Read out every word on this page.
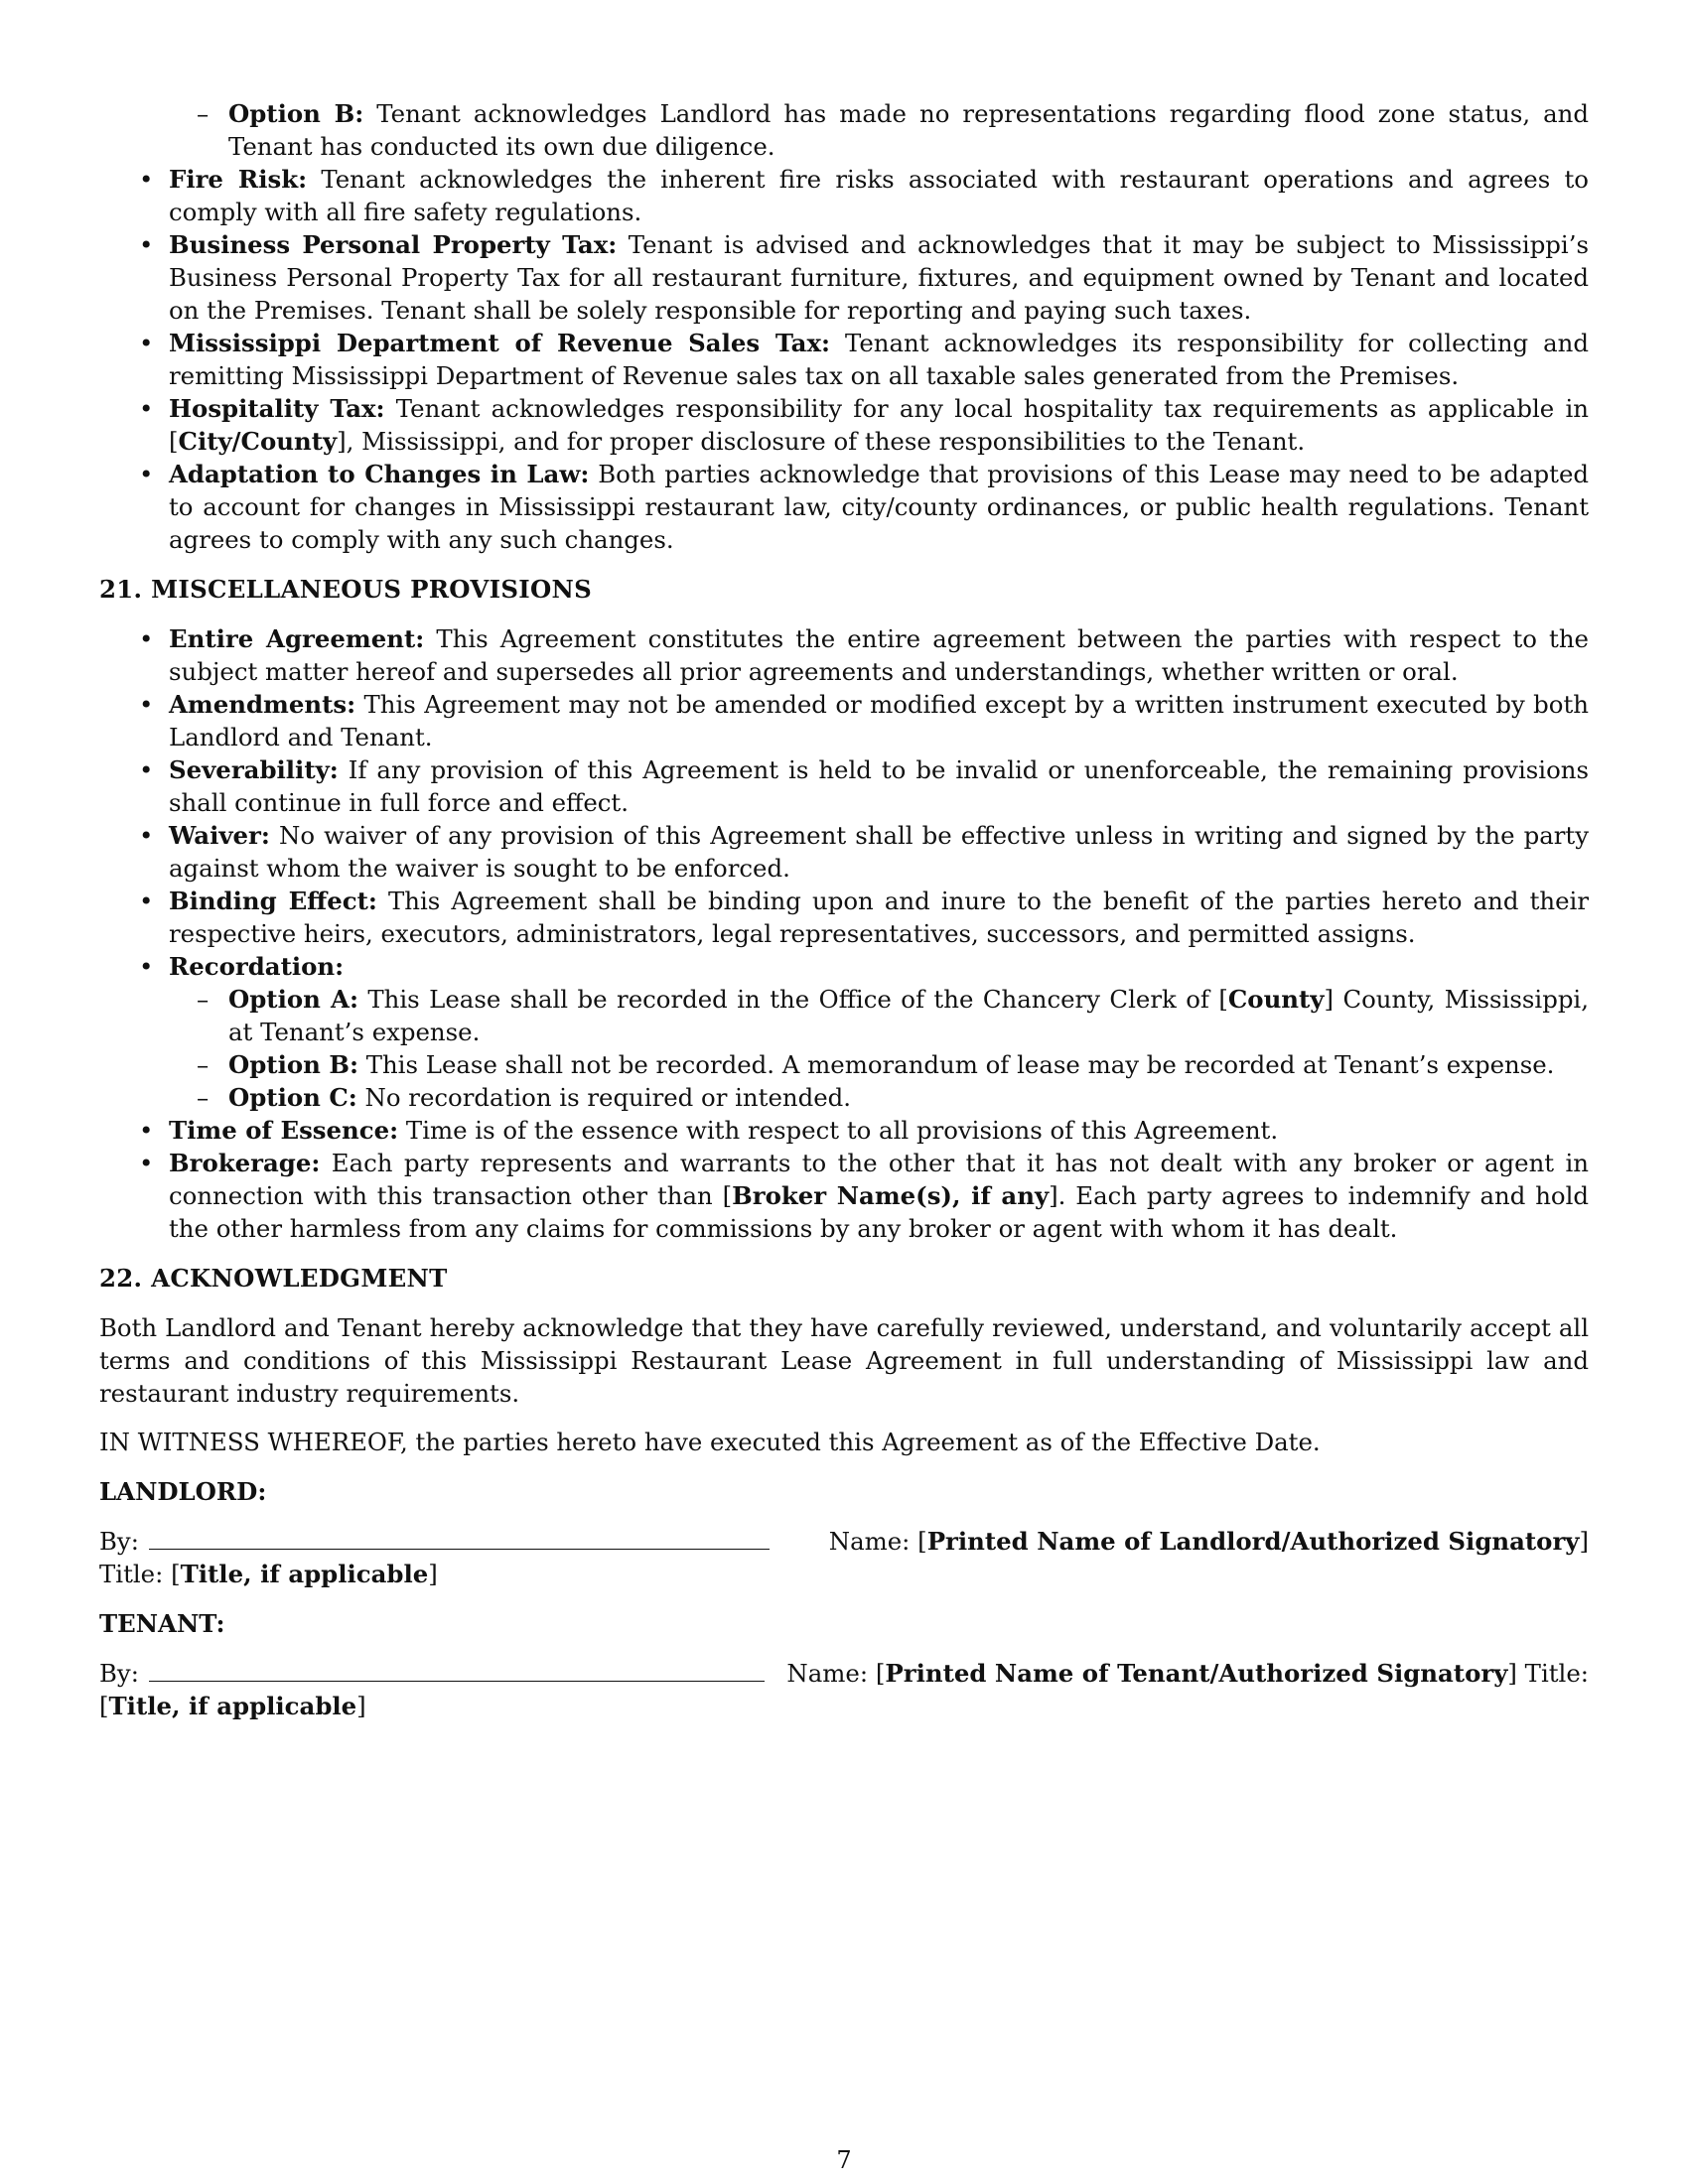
– Option B: Tenant acknowledges Landlord has made no representations regarding flood zone status, and Tenant has conducted its own due diligence.
• Fire Risk: Tenant acknowledges the inherent fire risks associated with restaurant operations and agrees to comply with all fire safety regulations.
• Business Personal Property Tax: Tenant is advised and acknowledges that it may be subject to Mississippi’s Business Personal Property Tax for all restaurant furniture, fixtures, and equipment owned by Tenant and located on the Premises. Tenant shall be solely responsible for reporting and paying such taxes.
• Mississippi Department of Revenue Sales Tax: Tenant acknowledges its responsibility for collecting and remitting Mississippi Department of Revenue sales tax on all taxable sales generated from the Premises.
• Hospitality Tax: Tenant acknowledges responsibility for any local hospitality tax requirements as applicable in [City/County], Mississippi, and for proper disclosure of these responsibilities to the Tenant.
• Adaptation to Changes in Law: Both parties acknowledge that provisions of this Lease may need to be adapted to account for changes in Mississippi restaurant law, city/county ordinances, or public health regulations. Tenant agrees to comply with any such changes.
21. MISCELLANEOUS PROVISIONS
• Entire Agreement: This Agreement constitutes the entire agreement between the parties with respect to the subject matter hereof and supersedes all prior agreements and understandings, whether written or oral.
• Amendments: This Agreement may not be amended or modified except by a written instrument executed by both Landlord and Tenant.
• Severability: If any provision of this Agreement is held to be invalid or unenforceable, the remaining provisions shall continue in full force and effect.
• Waiver: No waiver of any provision of this Agreement shall be effective unless in writing and signed by the party against whom the waiver is sought to be enforced.
• Binding Effect: This Agreement shall be binding upon and inure to the benefit of the parties hereto and their respective heirs, executors, administrators, legal representatives, successors, and permitted assigns.
• Recordation:
– Option A: This Lease shall be recorded in the Office of the Chancery Clerk of [County] County, Mississippi, at Tenant’s expense.
– Option B: This Lease shall not be recorded. A memorandum of lease may be recorded at Tenant’s expense.
– Option C: No recordation is required or intended.
• Time of Essence: Time is of the essence with respect to all provisions of this Agreement.
• Brokerage: Each party represents and warrants to the other that it has not dealt with any broker or agent in connection with this transaction other than [Broker Name(s), if any]. Each party agrees to indemnify and hold the other harmless from any claims for commissions by any broker or agent with whom it has dealt.
22. ACKNOWLEDGMENT

Both Landlord and Tenant hereby acknowledge that they have carefully reviewed, understand, and voluntarily accept all terms and conditions of this Mississippi Restaurant Lease Agreement in full understanding of Mississippi law and restaurant industry requirements.

IN WITNESS WHEREOF, the parties hereto have executed this Agreement as of the Effective Date.

LANDLORD:
By:	Name: [Printed Name of Landlord/Authorized Signatory]
Title: [Title, if applicable]
TENANT:
By:	Name: [Printed Name of Tenant/Authorized Signatory] Title:
[Title, if applicable]
7
